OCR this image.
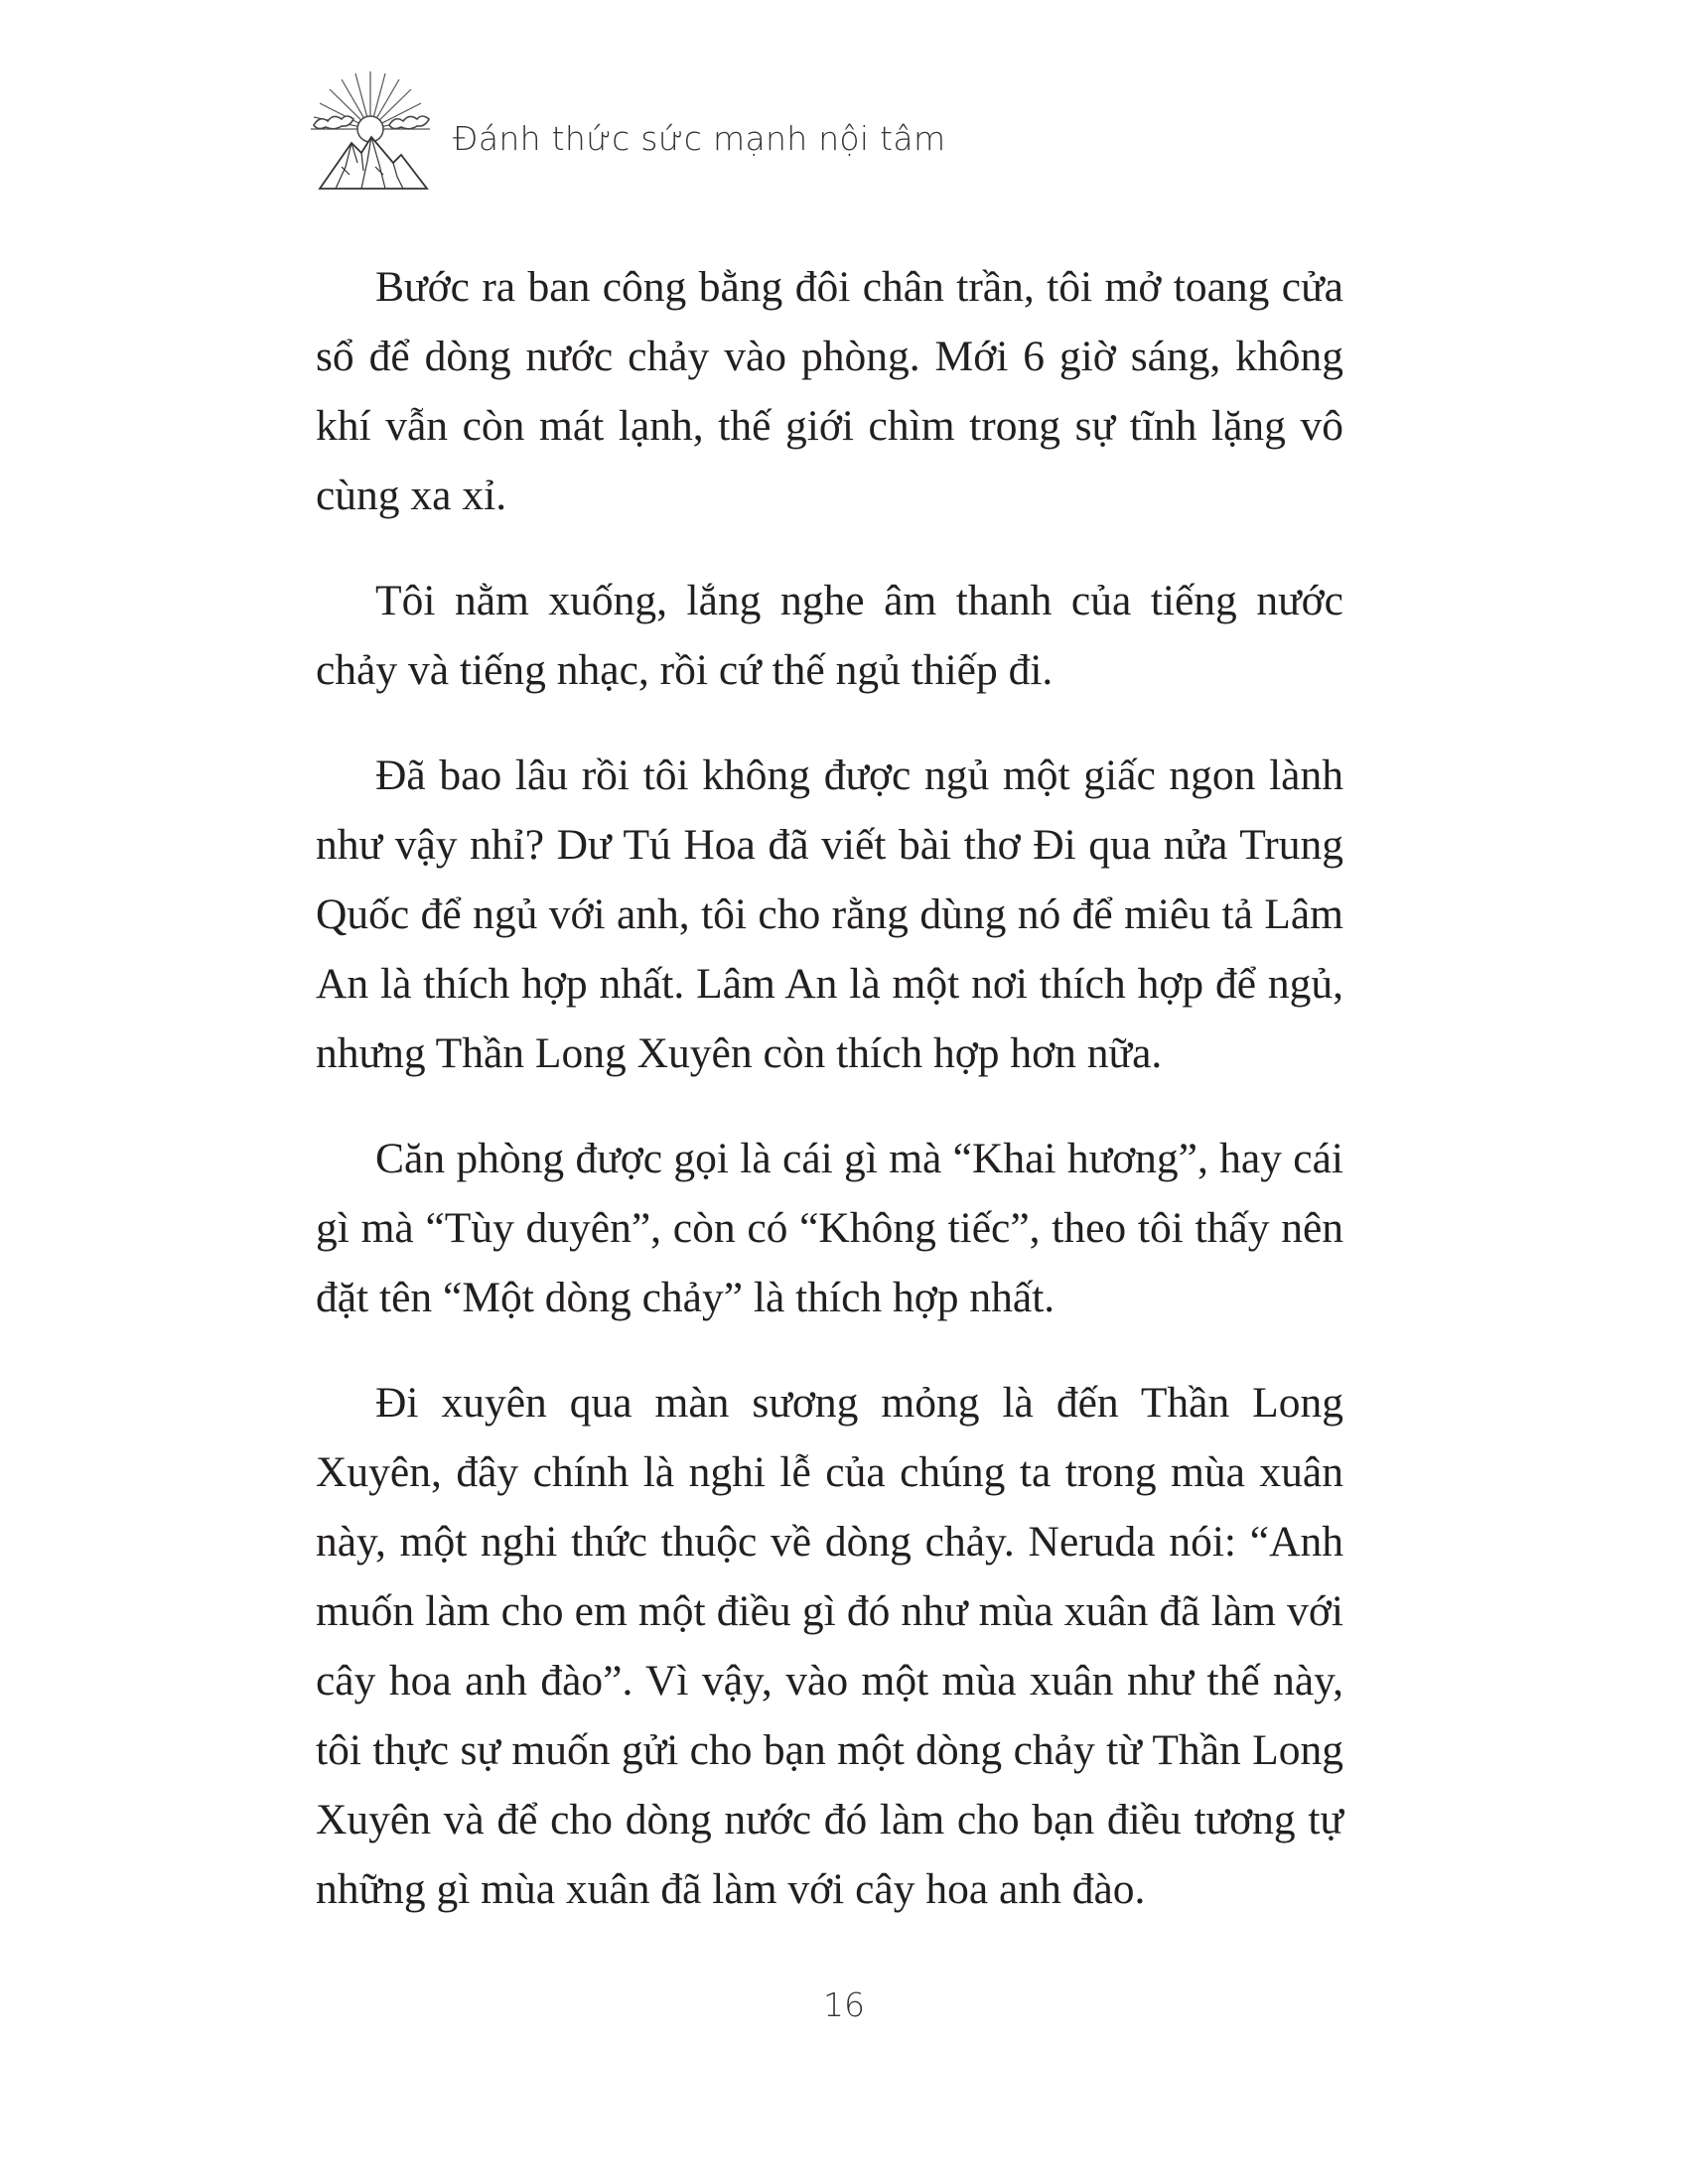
Đánh thức sức mạnh nội tâm

Bước ra ban công bằng đôi chân trần, tôi mở toang cửa sổ để dòng nước chảy vào phòng. Mới 6 giờ sáng, không khí vẫn còn mát lạnh, thế giới chìm trong sự tĩnh lặng vô cùng xa xỉ.

Tôi nằm xuống, lắng nghe âm thanh của tiếng nước chảy và tiếng nhạc, rồi cứ thế ngủ thiếp đi.

Đã bao lâu rồi tôi không được ngủ một giấc ngon lành như vậy nhỉ? Dư Tú Hoa đã viết bài thơ Đi qua nửa Trung Quốc để ngủ với anh, tôi cho rằng dùng nó để miêu tả Lâm An là thích hợp nhất. Lâm An là một nơi thích hợp để ngủ, nhưng Thần Long Xuyên còn thích hợp hơn nữa.

Căn phòng được gọi là cái gì mà “Khai hương”, hay cái gì mà “Tùy duyên”, còn có “Không tiếc”, theo tôi thấy nên đặt tên “Một dòng chảy” là thích hợp nhất.

Đi xuyên qua màn sương mỏng là đến Thần Long Xuyên, đây chính là nghi lễ của chúng ta trong mùa xuân này, một nghi thức thuộc về dòng chảy. Neruda nói: “Anh muốn làm cho em một điều gì đó như mùa xuân đã làm với cây hoa anh đào”. Vì vậy, vào một mùa xuân như thế này, tôi thực sự muốn gửi cho bạn một dòng chảy từ Thần Long Xuyên và để cho dòng nước đó làm cho bạn điều tương tự những gì mùa xuân đã làm với cây hoa anh đào.

16
